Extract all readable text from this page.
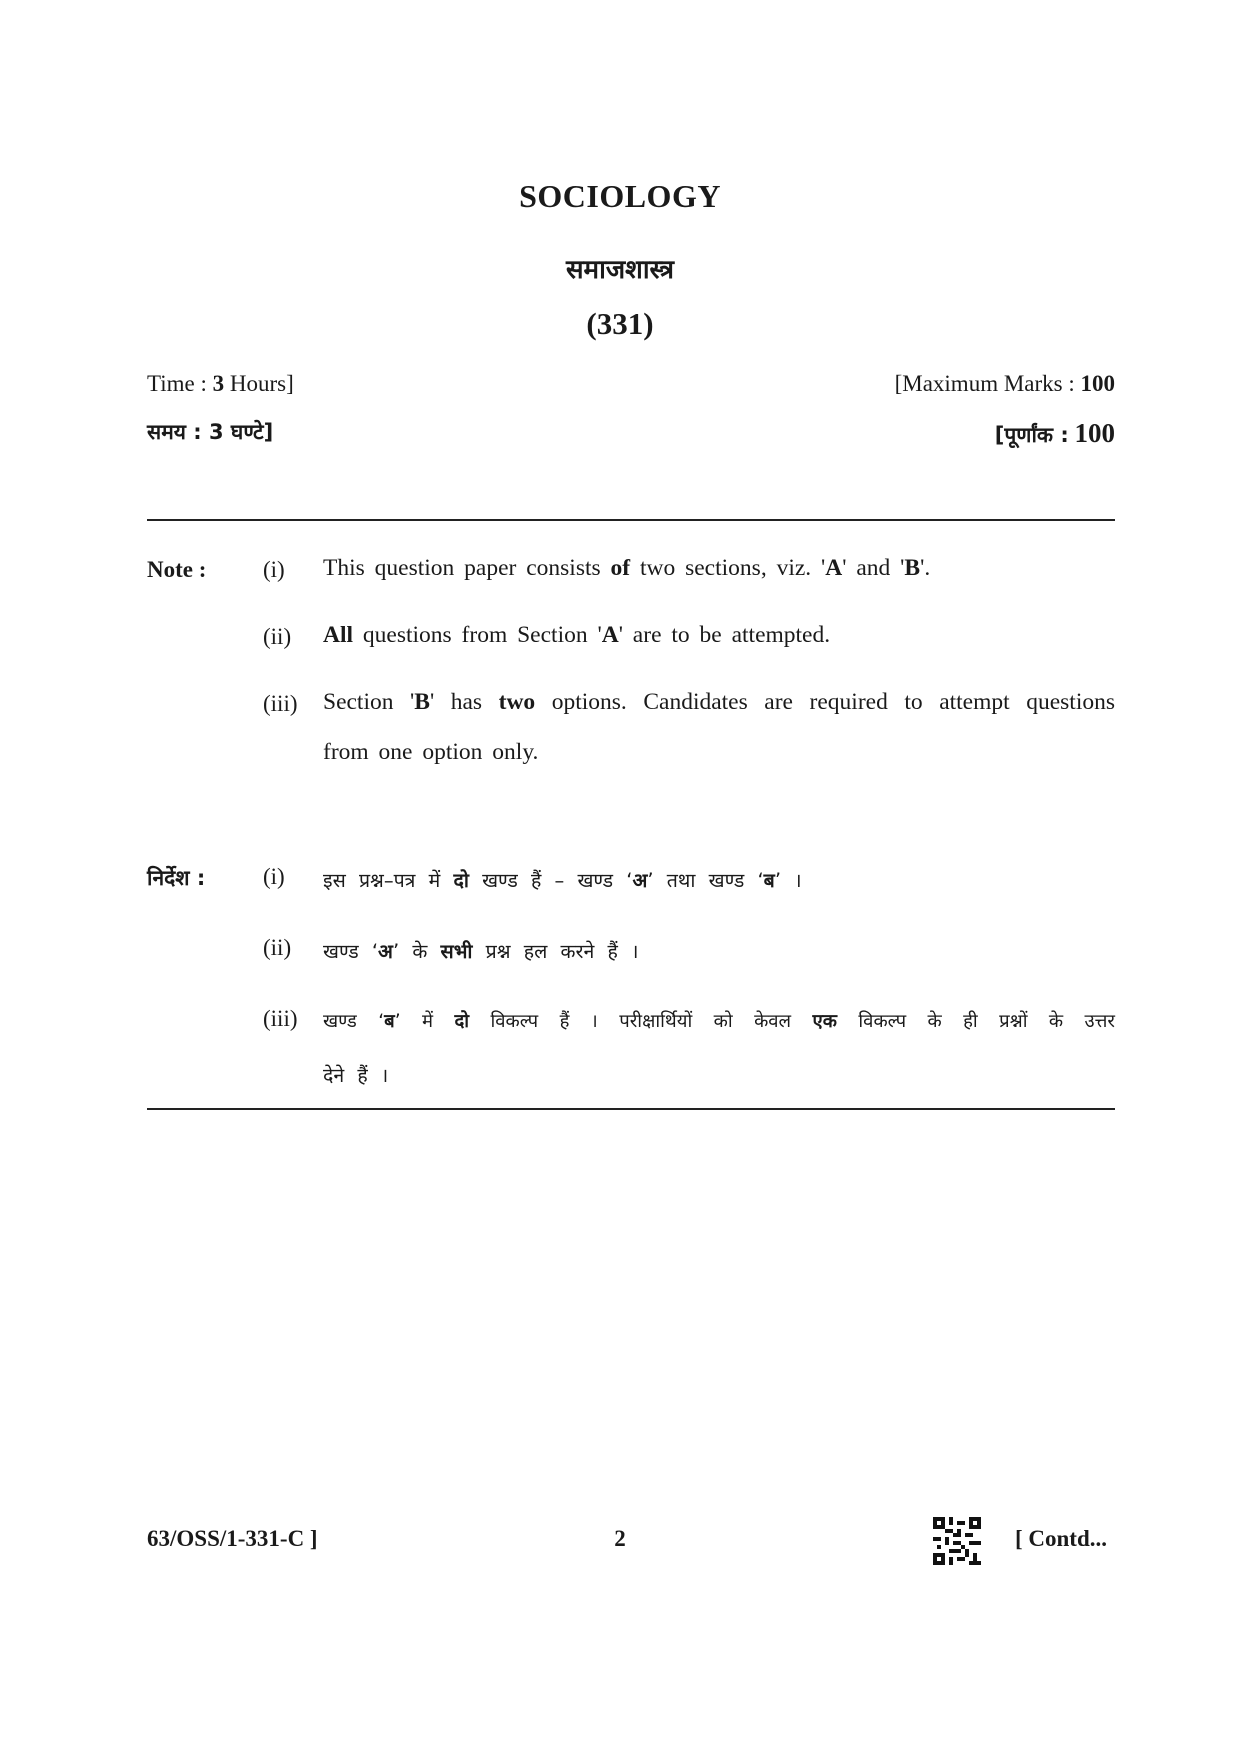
SOCIOLOGY
समाजशास्त्र
(331)
Time : 3 Hours]	[Maximum Marks : 100
समय : 3 घण्टे]	[पूर्णांक : 100
Note : (i) This question paper consists of two sections, viz. 'A' and 'B'.
(ii) All questions from Section 'A' are to be attempted.
(iii) Section 'B' has two options. Candidates are required to attempt questions
from one option only.
निर्देश :	(i) इस प्रश्न–पत्र में दो खण्ड हैं – खण्ड ‘अ’ तथा खण्ड ‘ब’ ।
(ii) खण्ड ‘अ’ के सभी प्रश्न हल करने हैं ।
(iii) खण्ड ‘ब’ में दो विकल्प हैं । परीक्षार्थियों को केवल एक विकल्प के ही प्रश्नों के उत्तर
देने हैं ।
63/OSS/1-331-C ]	2	[ Contd...
